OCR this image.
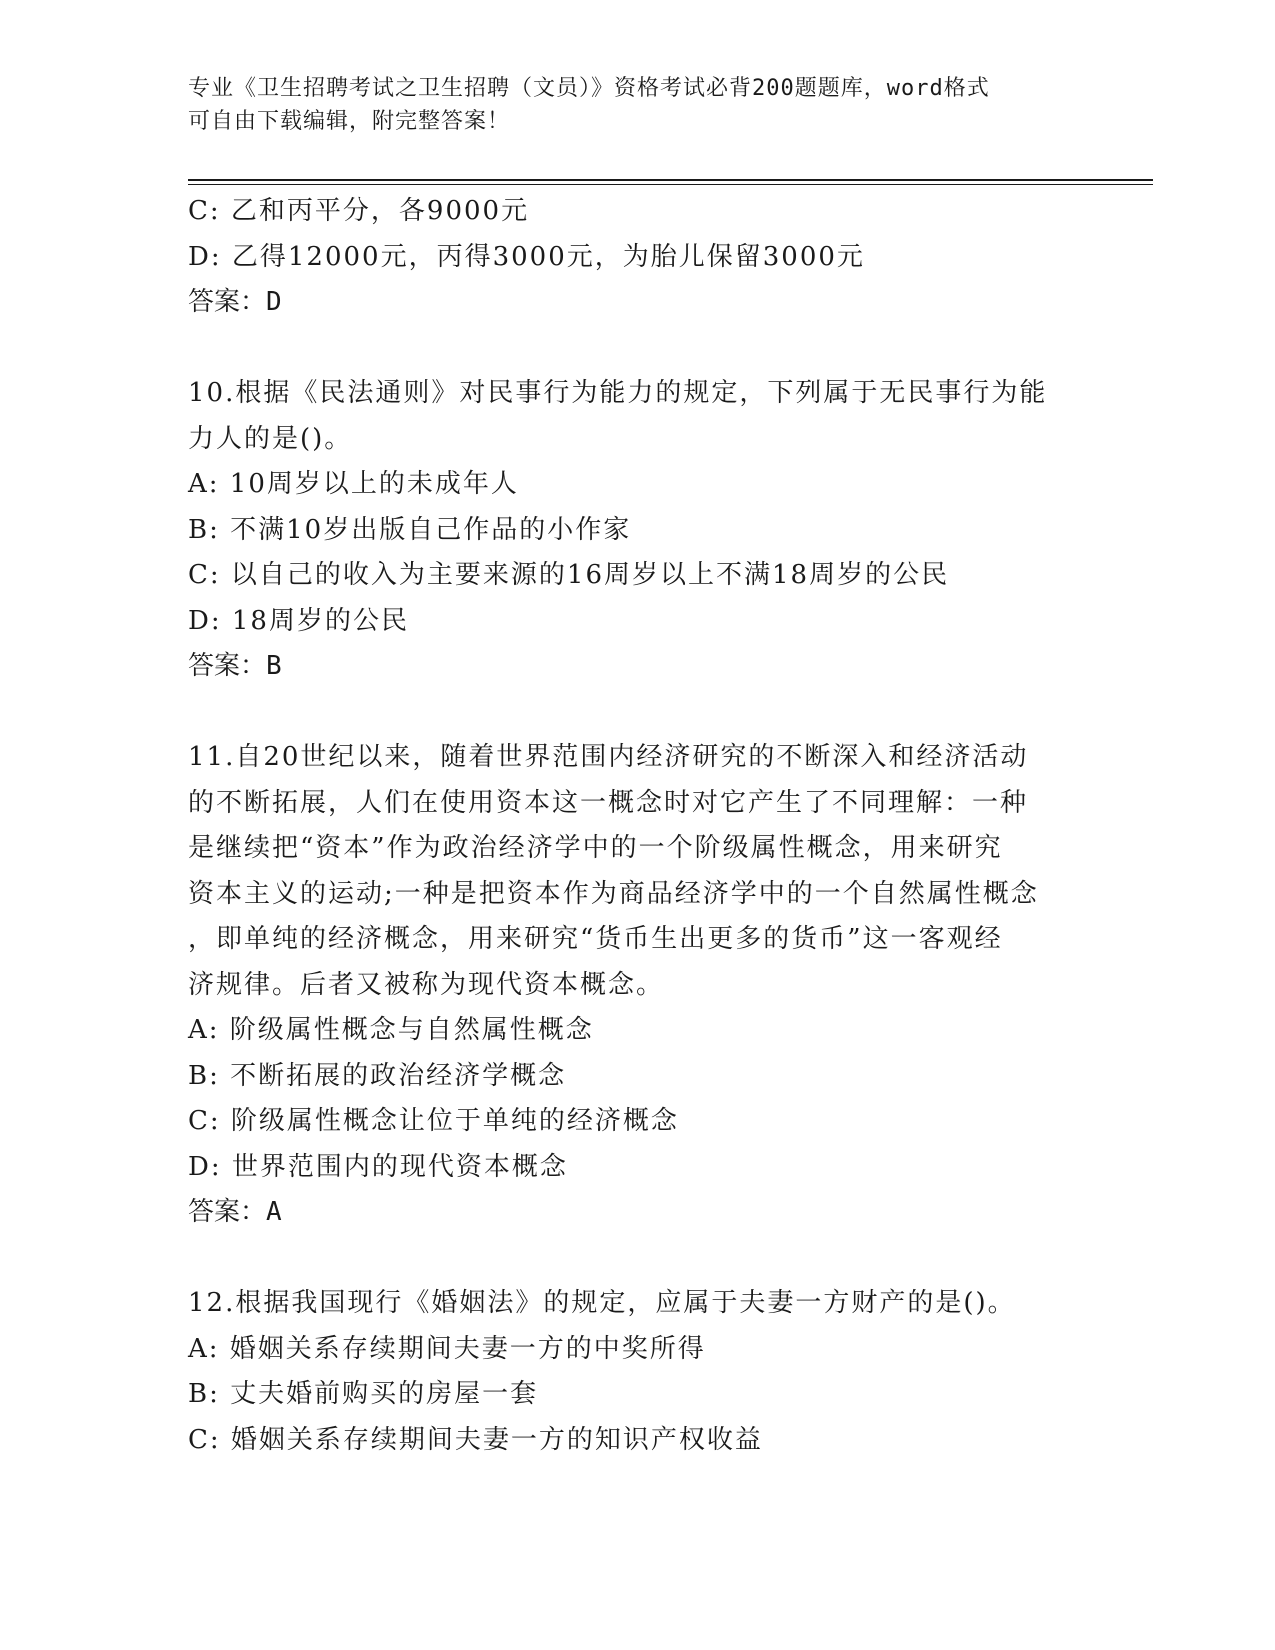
专业《卫生招聘考试之卫生招聘（文员）》资格考试必背200题题库，word格式
可自由下载编辑，附完整答案！
C: 乙和丙平分，各9000元
D: 乙得12000元，丙得3000元，为胎儿保留3000元
答案：D
10.根据《民法通则》对民事行为能力的规定，下列属于无民事行为能
力人的是()。
A: 10周岁以上的未成年人
B: 不满10岁出版自己作品的小作家
C: 以自己的收入为主要来源的16周岁以上不满18周岁的公民
D: 18周岁的公民
答案：B
11.自20世纪以来，随着世界范围内经济研究的不断深入和经济活动
的不断拓展，人们在使用资本这一概念时对它产生了不同理解：一种
是继续把“资本”作为政治经济学中的一个阶级属性概念，用来研究
资本主义的运动;一种是把资本作为商品经济学中的一个自然属性概念
，即单纯的经济概念，用来研究“货币生出更多的货币”这一客观经
济规律。后者又被称为现代资本概念。
A: 阶级属性概念与自然属性概念
B: 不断拓展的政治经济学概念
C: 阶级属性概念让位于单纯的经济概念
D: 世界范围内的现代资本概念
答案：A
12.根据我国现行《婚姻法》的规定，应属于夫妻一方财产的是()。
A: 婚姻关系存续期间夫妻一方的中奖所得
B: 丈夫婚前购买的房屋一套
C: 婚姻关系存续期间夫妻一方的知识产权收益
